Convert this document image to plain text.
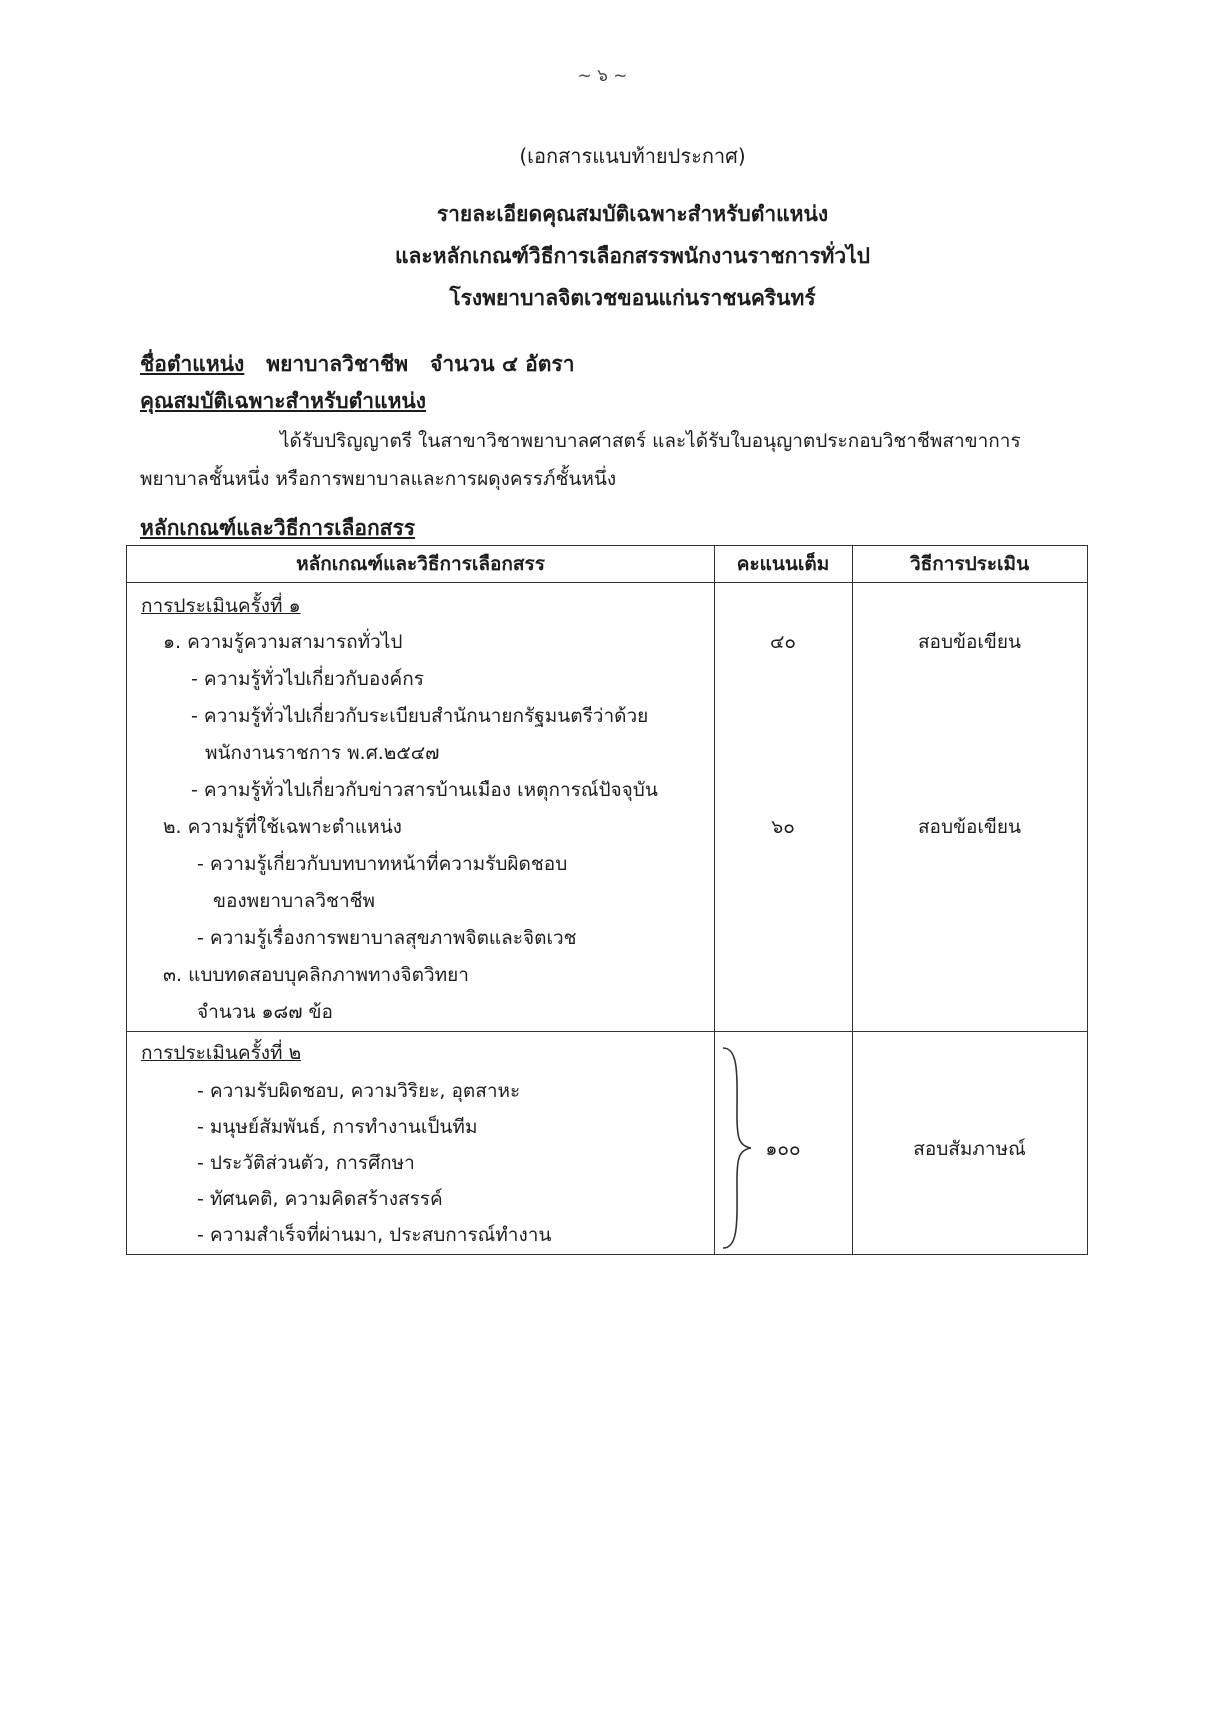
~ ๖ ~
(เอกสารแนบท้ายประกาศ)
รายละเอียดคุณสมบัติเฉพาะสำหรับตำแหน่ง
และหลักเกณฑ์วิธีการเลือกสรรพนักงานราชการทั่วไป
โรงพยาบาลจิตเวชขอนแก่นราชนครินทร์
ชื่อตำแหน่ง พยาบาลวิชาชีพ จำนวน ๔ อัตรา
คุณสมบัติเฉพาะสำหรับตำแหน่ง
ได้รับปริญญาตรี ในสาขาวิชาพยาบาลศาสตร์ และได้รับใบอนุญาตประกอบวิชาชีพสาขาการพยาบาลชั้นหนึ่ง หรือการพยาบาลและการผดุงครรภ์ชั้นหนึ่ง
หลักเกณฑ์และวิธีการเลือกสรร
หลักเกณฑ์และวิธีการเลือกสรร	คะแนนเต็ม	วิธีการประเมิน
การประเมินครั้งที่ ๑
๑. ความรู้ความสามารถทั่วไป
- ความรู้ทั่วไปเกี่ยวกับองค์กร
- ความรู้ทั่วไปเกี่ยวกับระเบียบสำนักนายกรัฐมนตรีว่าด้วย
พนักงานราชการ พ.ศ.๒๕๔๗
- ความรู้ทั่วไปเกี่ยวกับข่าวสารบ้านเมือง เหตุการณ์ปัจจุบัน
๔๐	สอบข้อเขียน
๒. ความรู้ที่ใช้เฉพาะตำแหน่ง
- ความรู้เกี่ยวกับบทบาทหน้าที่ความรับผิดชอบ
ของพยาบาลวิชาชีพ
- ความรู้เรื่องการพยาบาลสุขภาพจิตและจิตเวช
๖๐	สอบข้อเขียน
๓. แบบทดสอบบุคลิกภาพทางจิตวิทยา
จำนวน ๑๘๗ ข้อ
การประเมินครั้งที่ ๒
- ความรับผิดชอบ, ความวิริยะ, อุตสาหะ
- มนุษย์สัมพันธ์, การทำงานเป็นทีม
- ประวัติส่วนตัว, การศึกษา
- ทัศนคติ, ความคิดสร้างสรรค์
- ความสำเร็จที่ผ่านมา, ประสบการณ์ทำงาน
๑๐๐	สอบสัมภาษณ์
